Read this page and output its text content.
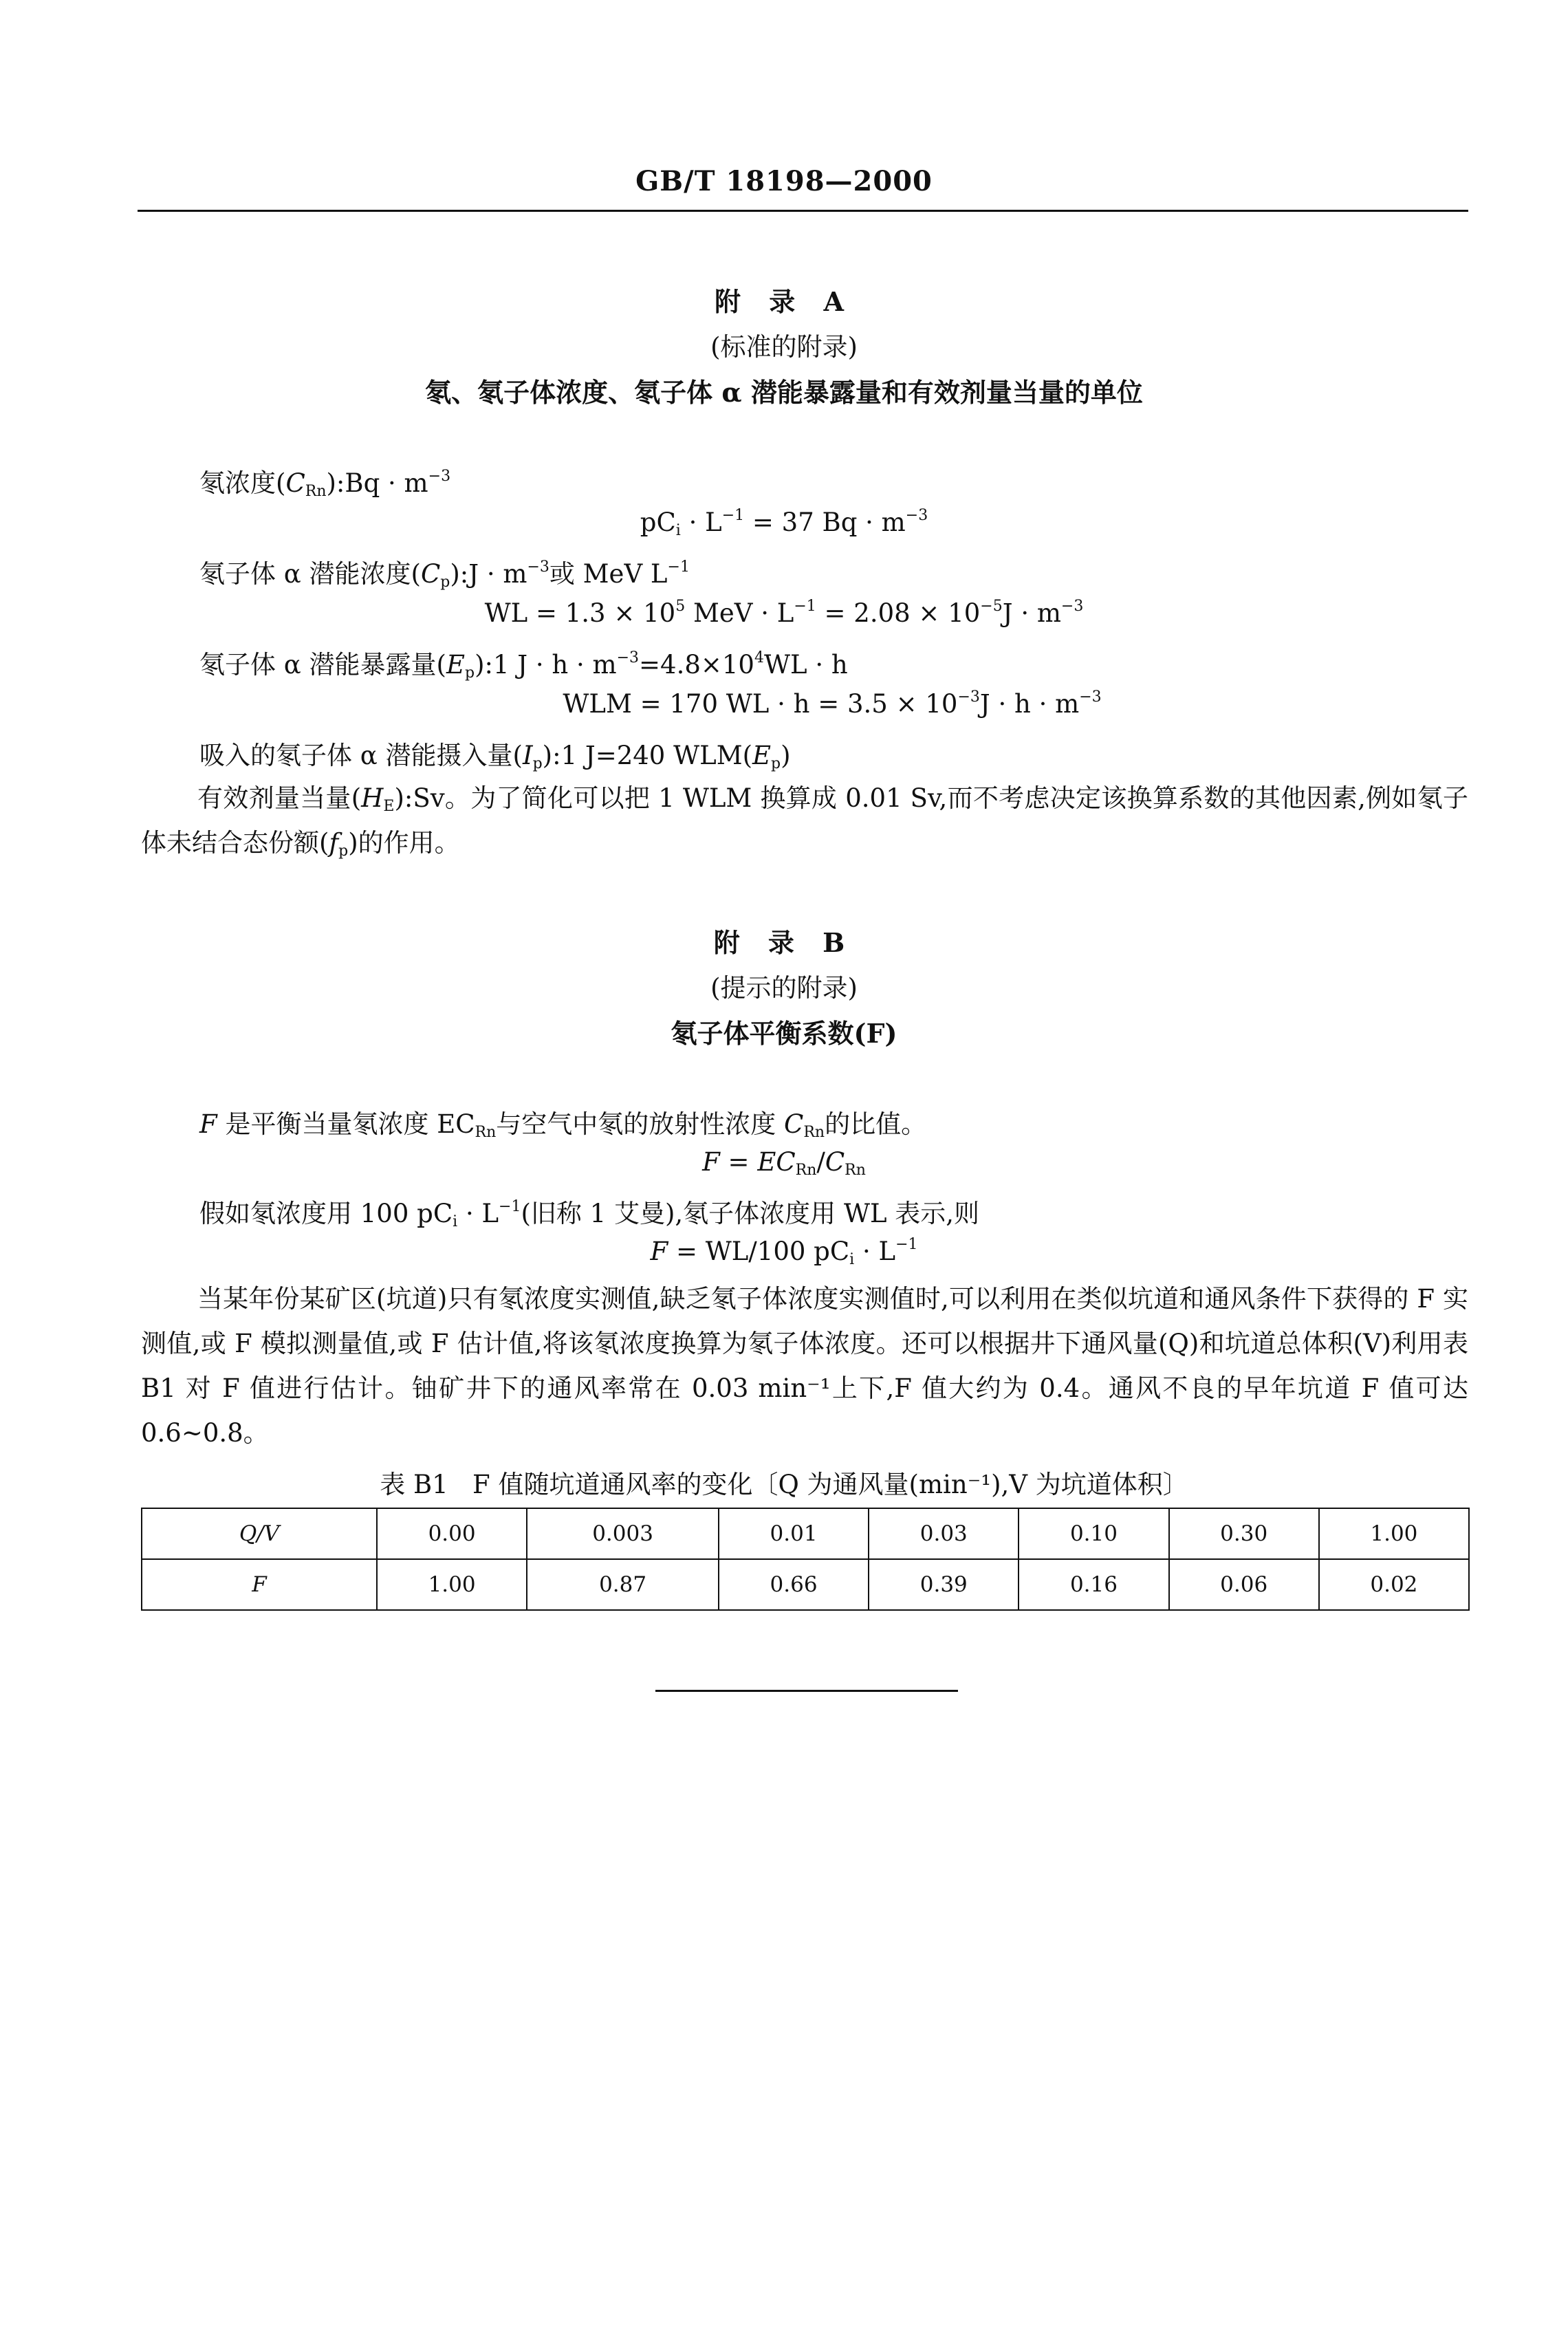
GB/T 18198—2000
附 录 A
(标准的附录)
氡、氡子体浓度、氡子体 α 潜能暴露量和有效剂量当量的单位
氡浓度$(C_{Rn}):Bq \cdot m^{-3}$
$pC_i \cdot L^{-1} = 37$ $Bq \cdot m^{-3}$
氡子体 α 潜能浓度$(C_p):J \cdot m^{-3}$或 MeV $L^{-1}$
WL = $1.3 \times 10^5$ MeV · $L^{-1} = 2.08 \times 10^{-5}J \cdot m^{-3}$
氡子体 α 潜能暴露量$(E_p):1$ $J \cdot h \cdot m^{-3}=4.8\times 10^4WL \cdot h$
WLM = 170 WL · $h = 3.5 \times 10^{-3}J \cdot h \cdot m^{-3}$
吸入的氡子体 α 潜能摄入量$(I_p):1$ J=240 $WLM(E_p)$
有效剂量当量$(H_E):Sv$。为了简化可以把 1 WLM 换算成 0.01 Sv,而不考虑决定该换算系数的其他因素,例如氡子体未结合态份额$(f_p)$的作用。
附 录 B
(提示的附录)
氡子体平衡系数(F)
F 是平衡当量氡浓度 $EC_{Rn}$与空气中氡的放射性浓度 $C_{Rn}$的比值。
$F = EC_{Rn}/C_{Rn}$
假如氡浓度用 100 $pC_i \cdot L^{-1}$(旧称 1 艾曼),氡子体浓度用 WL 表示,则
F = WL/100 $pC_i \cdot L^{-1}$
当某年份某矿区(坑道)只有氡浓度实测值,缺乏氡子体浓度实测值时,可以利用在类似坑道和通风条件下获得的 F 实测值,或 F 模拟测量值,或 F 估计值,将该氡浓度换算为氡子体浓度。还可以根据井下通风量(Q)和坑道总体积(V)利用表 B1 对 F 值进行估计。铀矿井下的通风率常在 0.03 min⁻¹上下,F 值大约为 0.4。通风不良的早年坑道 F 值可达 0.6~0.8。
表 B1   F 值随坑道通风率的变化〔Q 为通风量(min⁻¹),V 为坑道体积〕
Q/V	0.00	0.003	0.01	0.03	0.10	0.30	1.00
F	1.00	0.87	0.66	0.39	0.16	0.06	0.02
